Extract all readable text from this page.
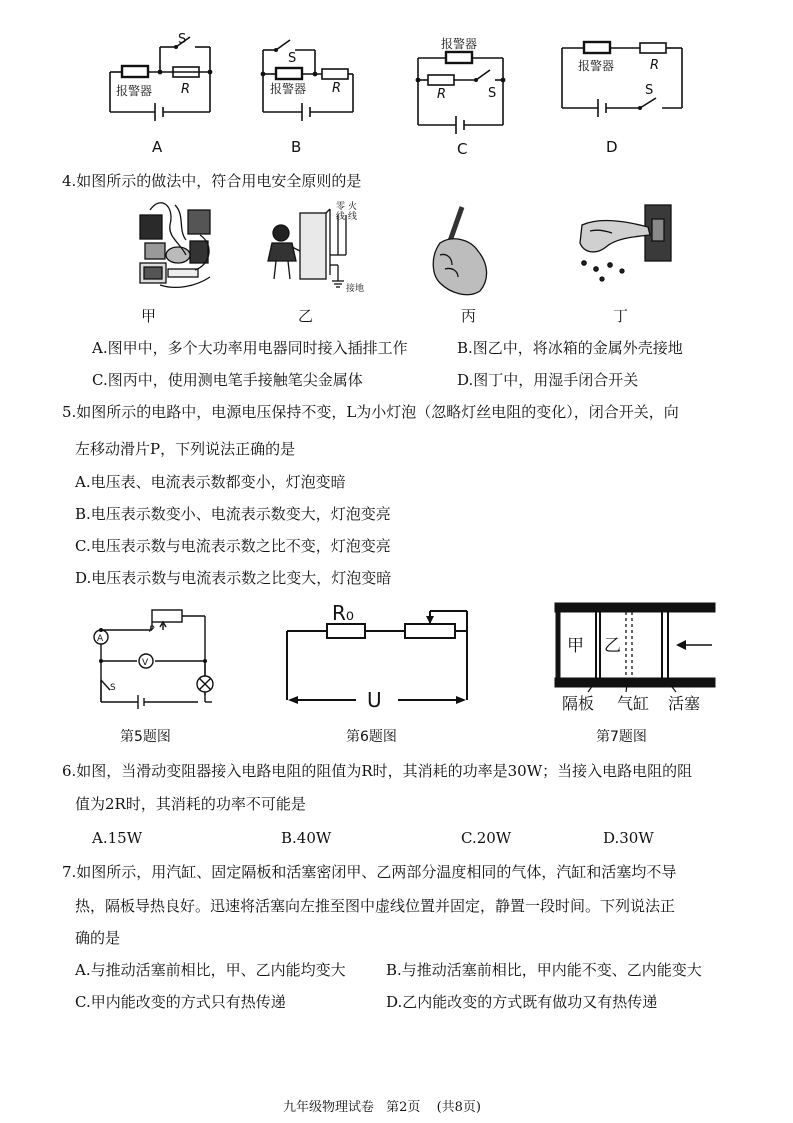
报警器
S
R	报警器
S
R
报警器
S
R
报警器	R
S
A	B	C	D
4.如图所示的做法中，符合用电安全原则的是
零 火
线 线
接地
甲	乙	丙	丁
A.图甲中，多个大功率用电器同时接入插排工作	B.图乙中，将冰箱的金属外壳接地
C.图丙中，使用测电笔手接触笔尖金属体	D.图丁中，用湿手闭合开关
5.如图所示的电路中，电源电压保持不变，L为小灯泡（忽略灯丝电阻的变化），闭合开关，向
左移动滑片P，下列说法正确的是
A.电压表、电流表示数都变小，灯泡变暗
B.电压表示数变小、电流表示数变大，灯泡变亮
C.电压表示数与电流表示数之比不变，灯泡变亮
D.电压表示数与电流表示数之比变大，灯泡变暗
A
V
P
S
R₀
U
甲 乙
隔板 气缸 活塞
第5题图	第6题图	第7题图
6.如图，当滑动变阻器接入电路电阻的阻值为R时，其消耗的功率是30W；当接入电路电阻的阻
值为2R时，其消耗的功率不可能是
A.15W	B.40W	C.20W	D.30W
7.如图所示，用汽缸、固定隔板和活塞密闭甲、乙两部分温度相同的气体，汽缸和活塞均不导
热，隔板导热良好。迅速将活塞向左推至图中虚线位置并固定，静置一段时间。下列说法正
确的是
A.与推动活塞前相比，甲、乙内能均变大	B.与推动活塞前相比，甲内能不变、乙内能变大
C.甲内能改变的方式只有热传递	D.乙内能改变的方式既有做功又有热传递
九年级物理试卷 第2页 (共8页)
